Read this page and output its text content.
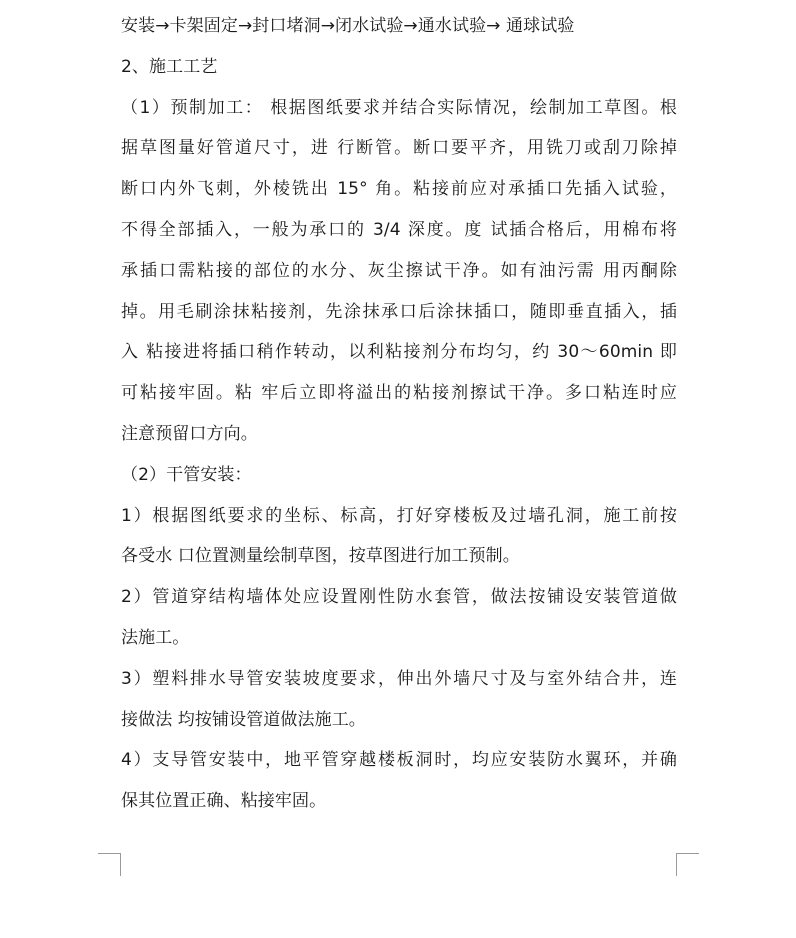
安装→卡架固定→封口堵洞→闭水试验→通水试验→ 通球试验

2、施工工艺

（1）预制加工： 根据图纸要求并结合实际情况，绘制加工草图。根

据草图量好管道尺寸，进 行断管。断口要平齐，用铣刀或刮刀除掉

断口内外飞刺，外棱铣出 15° 角。粘接前应对承插口先插入试验，

不得全部插入，一般为承口的 3/4 深度。度 试插合格后，用棉布将

承插口需粘接的部位的水分、灰尘擦试干净。如有油污需 用丙酮除

掉。用毛刷涂抹粘接剂，先涂抹承口后涂抹插口，随即垂直插入，插

入 粘接进将插口稍作转动，以利粘接剂分布均匀，约 30～60min 即

可粘接牢固。粘 牢后立即将溢出的粘接剂擦试干净。多口粘连时应

注意预留口方向。

（2）干管安装：

1）根据图纸要求的坐标、标高，打好穿楼板及过墙孔洞，施工前按

各受水 口位置测量绘制草图，按草图进行加工预制。

2）管道穿结构墙体处应设置刚性防水套管，做法按铺设安装管道做

法施工。

3）塑料排水导管安装坡度要求，伸出外墙尺寸及与室外结合井，连

接做法 均按铺设管道做法施工。

4）支导管安装中，地平管穿越楼板洞时，均应安装防水翼环，并确

保其位置正确、粘接牢固。
